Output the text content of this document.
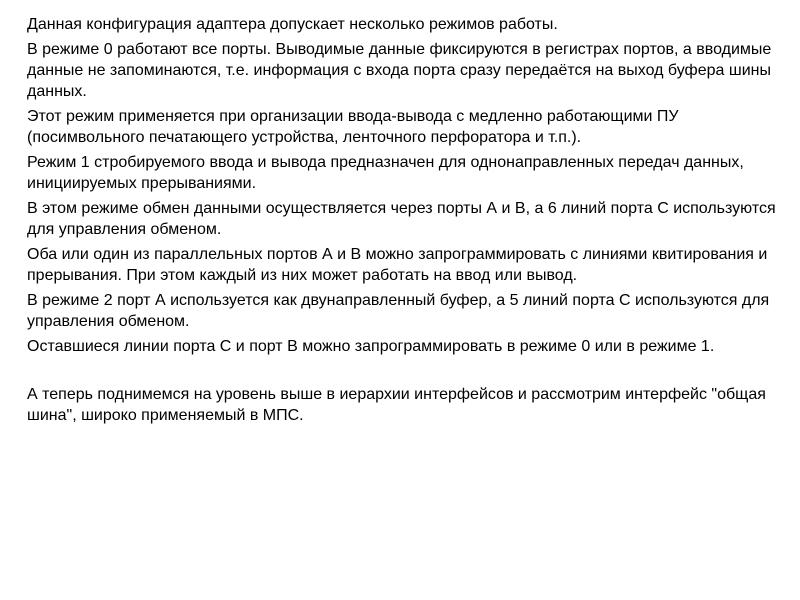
Данная конфигурация адаптера допускает несколько режимов работы.

В режиме 0 работают все порты. Выводимые данные фиксируются в регистрах портов, а вводимые данные не запоминаются, т.е. информация с входа порта сразу передаётся на выход буфера шины данных.

Этот режим применяется при организации ввода-вывода с медленно работающими ПУ (посимвольного печатающего устройства, ленточного перфоратора и т.п.).

Режим 1 стробируемого ввода и вывода предназначен для однонаправленных передач данных, инициируемых прерываниями.

В этом режиме обмен данными осуществляется через порты А и В, а 6 линий порта С используются для управления обменом.

Оба или один из параллельных портов А и В можно запрограммировать с линиями квитирования и прерывания. При этом каждый из них может работать на ввод или вывод.

В режиме 2 порт А используется как двунаправленный буфер, а 5 линий порта С используются для управления обменом.

Оставшиеся линии порта С и порт В можно запрограммировать в режиме 0 или в режиме 1.

А теперь поднимемся на уровень выше в иерархии интерфейсов и рассмотрим интерфейс "общая шина", широко применяемый в МПС.
